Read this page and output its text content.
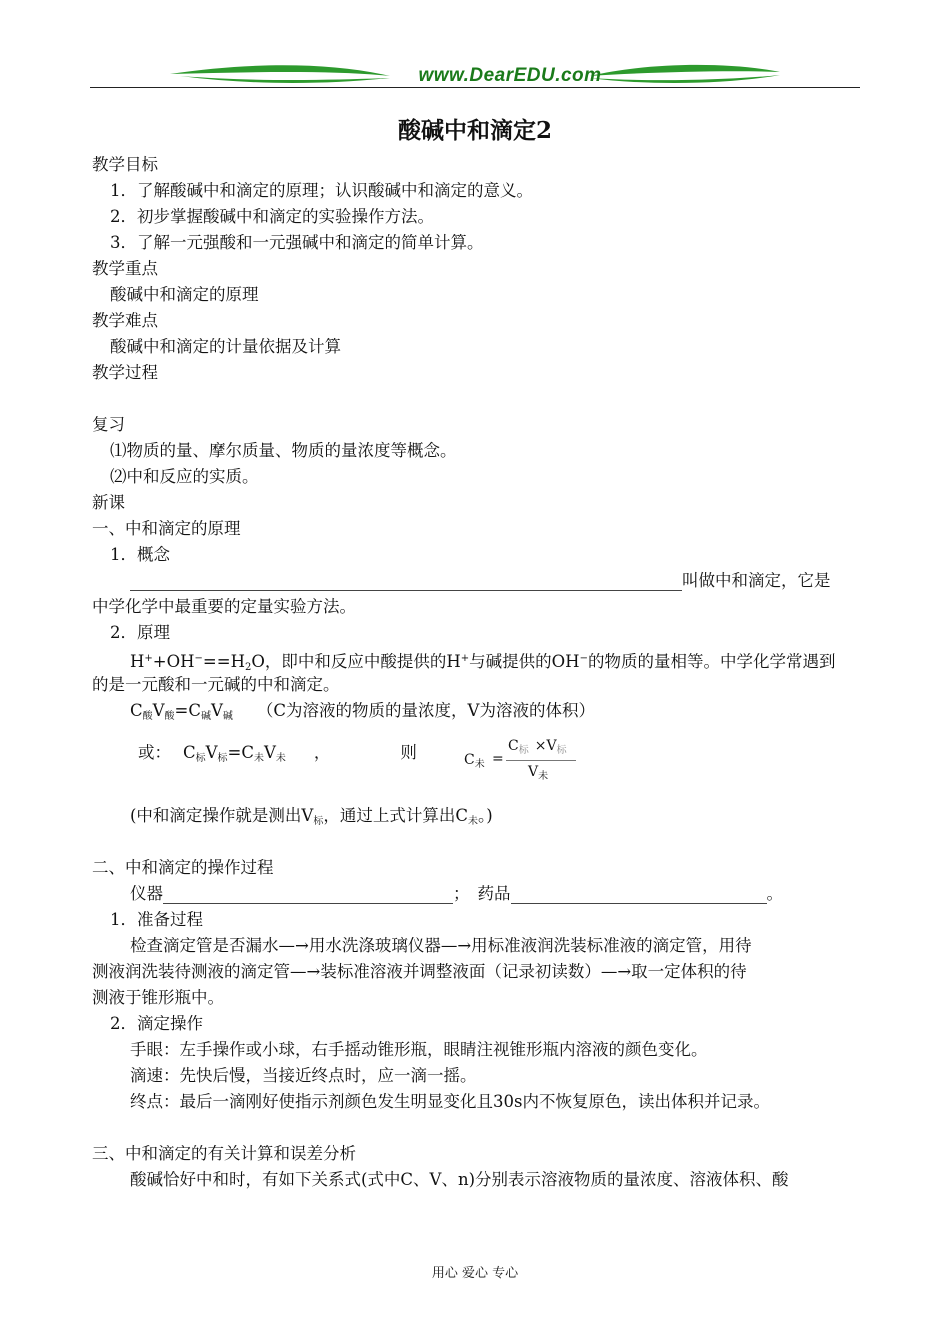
www.DearEDU.com
酸碱中和滴定2
教学目标
1．了解酸碱中和滴定的原理；认识酸碱中和滴定的意义。
2．初步掌握酸碱中和滴定的实验操作方法。
3．了解一元强酸和一元强碱中和滴定的简单计算。
教学重点
酸碱中和滴定的原理
教学难点
酸碱中和滴定的计量依据及计算
教学过程
复习
⑴物质的量、摩尔质量、物质的量浓度等概念。
⑵中和反应的实质。
新课
一、中和滴定的原理
1．概念
叫做中和滴定，它是
中学化学中最重要的定量实验方法。
2．原理
$H^++OH^-==H_2O$，即中和反应中酸提供的H+与碱提供的OH−的物质的量相等。中学化学常遇到
的是一元酸和一元碱的中和滴定。
$C_酸V_酸=C_碱V_碱$ （C为溶液的物质的量浓度，V为溶液的体积）
或： $C_标V_标=C_未V_未$ ，	则	$C_未$ =
$C_标 \times V_标$
$V_未$
(中和滴定操作就是测出$V_标$，通过上式计算出$C_未$。)
二、中和滴定的操作过程
仪器	； 药品	。
1．准备过程
检查滴定管是否漏水—→用水洗涤玻璃仪器—→用标准液润洗装标准液的滴定管，用待
测液润洗装待测液的滴定管—→装标准溶液并调整液面（记录初读数）—→取一定体积的待
测液于锥形瓶中。
2．滴定操作
手眼：左手操作或小球，右手摇动锥形瓶，眼睛注视锥形瓶内溶液的颜色变化。
滴速：先快后慢，当接近终点时，应一滴一摇。
终点：最后一滴刚好使指示剂颜色发生明显变化且30s内不恢复原色，读出体积并记录。
三、中和滴定的有关计算和误差分析
酸碱恰好中和时，有如下关系式(式中C、V、n)分别表示溶液物质的量浓度、溶液体积、酸
用心 爱心 专心
